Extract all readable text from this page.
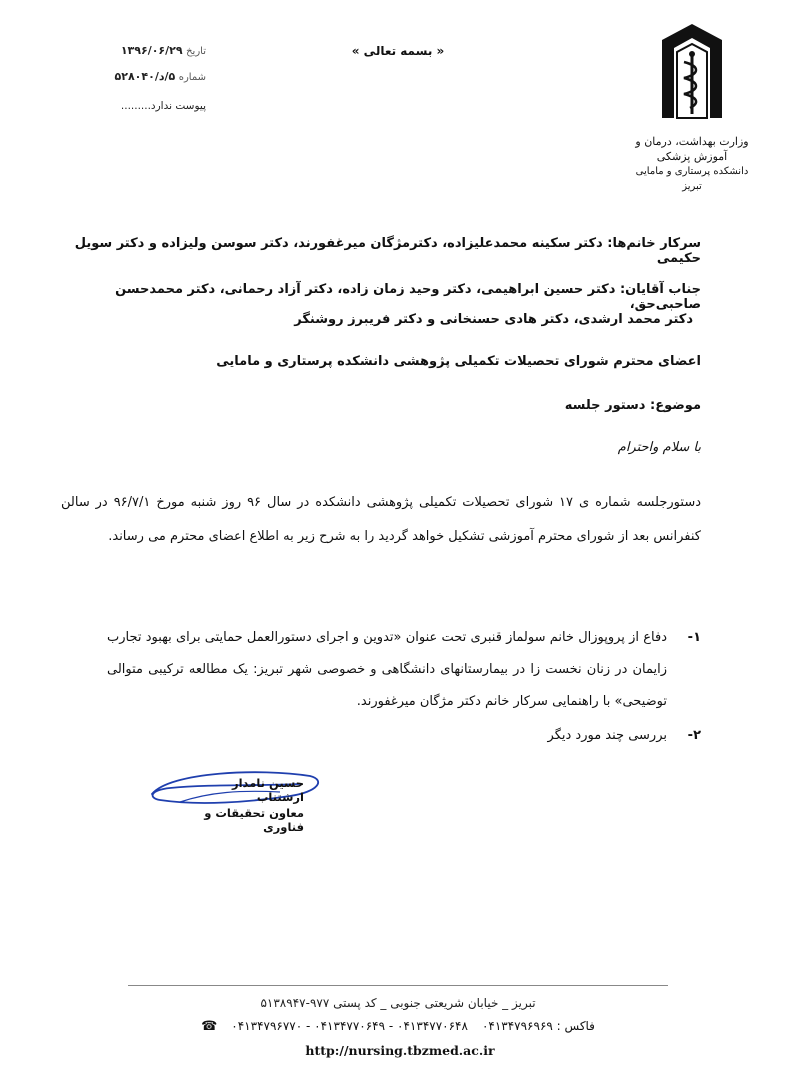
تاریخ ۱۳۹۶/۰۶/۲۹
شماره ۵/د/۵۲۸۰۴۰
پیوست ندارد.........
« بسمه تعالی »
وزارت بهداشت، درمان و آموزش پزشکی
دانشکده پرستاری و مامایی تبریز
سرکار خانم‌ها: دکتر سکینه محمدعلیزاده، دکترمژگان میرغفورند، دکتر سوسن ولیزاده و دکتر سویل حکیمی
جناب آقایان: دکتر حسین ابراهیمی، دکتر وحید زمان زاده، دکتر آزاد رحمانی، دکتر محمدحسن صاحبی‌حق،
دکتر محمد ارشدی، دکتر هادی حسنخانی و دکتر فریبرز روشنگر
اعضای محترم شورای تحصیلات تکمیلی پژوهشی دانشکده پرستاری و مامایی
موضوع: دستور جلسه
با سلام واحترام
دستورجلسه شماره ی ۱۷ شورای تحصیلات تکمیلی پژوهشی دانشکده در سال ۹۶ روز شنبه مورخ ۹۶/۷/۱ در سالن کنفرانس بعد از شورای محترم آموزشی تشکیل خواهد گردید را به شرح زیر به اطلاع اعضای محترم می رساند.
۱-
دفاع از پروپوزال خانم سولماز قنبری تحت عنوان «تدوین و اجرای دستورالعمل حمایتی برای بهبود تجارب زایمان در زنان نخست زا در بیمارستانهای دانشگاهی و خصوصی شهر تبریز: یک مطالعه ترکیبی متوالی توضیحی» با راهنمایی سرکار خانم دکتر مژگان میرغفورند.
۲-
بررسی چند مورد دیگر
حسین نامدار ارشتناب
معاون تحقیقات و فناوری
تبریز _ خیابان شریعتی جنوبی _ کد پستی ۹۷۷-۵۱۳۸۹۴۷
فاکس : ۰۴۱۳۴۷۹۶۹۶۹
۰۴۱۳۴۷۷۰۶۴۸ - ۰۴۱۳۴۷۷۰۶۴۹ - ۰۴۱۳۴۷۹۶۷۷۰
☎
http://nursing.tbzmed.ac.ir
